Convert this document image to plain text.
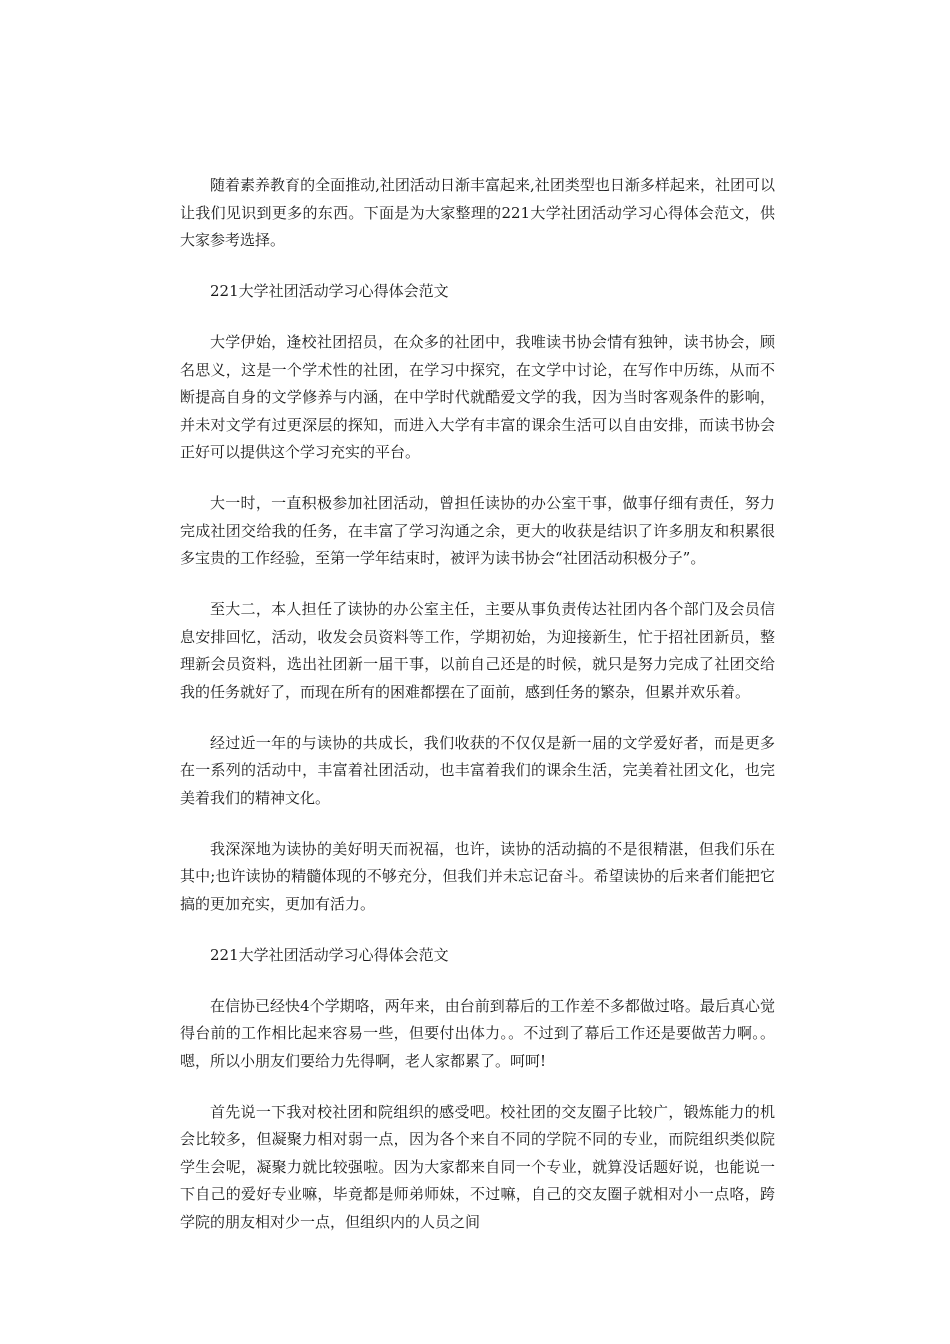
随着素养教育的全面推动,社团活动日渐丰富起来,社团类型也日渐多样起来，社团可以让我们见识到更多的东西。下面是为大家整理的221大学社团活动学习心得体会范文，供大家参考选择。

221大学社团活动学习心得体会范文

大学伊始，逢校社团招员，在众多的社团中，我唯读书协会情有独钟，读书协会，顾名思义，这是一个学术性的社团，在学习中探究，在文学中讨论，在写作中历练，从而不断提高自身的文学修养与内涵，在中学时代就酷爱文学的我，因为当时客观条件的影响，并未对文学有过更深层的探知，而进入大学有丰富的课余生活可以自由安排，而读书协会正好可以提供这个学习充实的平台。

大一时，一直积极参加社团活动，曾担任读协的办公室干事，做事仔细有责任，努力完成社团交给我的任务，在丰富了学习沟通之余，更大的收获是结识了许多朋友和积累很多宝贵的工作经验，至第一学年结束时，被评为读书协会“社团活动积极分子”。

至大二，本人担任了读协的办公室主任，主要从事负责传达社团内各个部门及会员信息安排回忆，活动，收发会员资料等工作，学期初始，为迎接新生，忙于招社团新员，整理新会员资料，选出社团新一届干事，以前自己还是的时候，就只是努力完成了社团交给我的任务就好了，而现在所有的困难都摆在了面前，感到任务的繁杂，但累并欢乐着。

经过近一年的与读协的共成长，我们收获的不仅仅是新一届的文学爱好者，而是更多在一系列的活动中，丰富着社团活动，也丰富着我们的课余生活，完美着社团文化，也完美着我们的精神文化。

我深深地为读协的美好明天而祝福，也许，读协的活动搞的不是很精湛，但我们乐在其中;也许读协的精髓体现的不够充分，但我们并未忘记奋斗。希望读协的后来者们能把它搞的更加充实，更加有活力。

221大学社团活动学习心得体会范文

在信协已经快4个学期咯，两年来，由台前到幕后的工作差不多都做过咯。最后真心觉得台前的工作相比起来容易一些，但要付出体力。。不过到了幕后工作还是要做苦力啊。。嗯，所以小朋友们要给力先得啊，老人家都累了。呵呵!

首先说一下我对校社团和院组织的感受吧。校社团的交友圈子比较广，锻炼能力的机会比较多，但凝聚力相对弱一点，因为各个来自不同的学院不同的专业，而院组织类似院学生会呢，凝聚力就比较强啦。因为大家都来自同一个专业，就算没话题好说，也能说一下自己的爱好专业嘛，毕竟都是师弟师妹，不过嘛，自己的交友圈子就相对小一点咯，跨学院的朋友相对少一点，但组织内的人员之间
